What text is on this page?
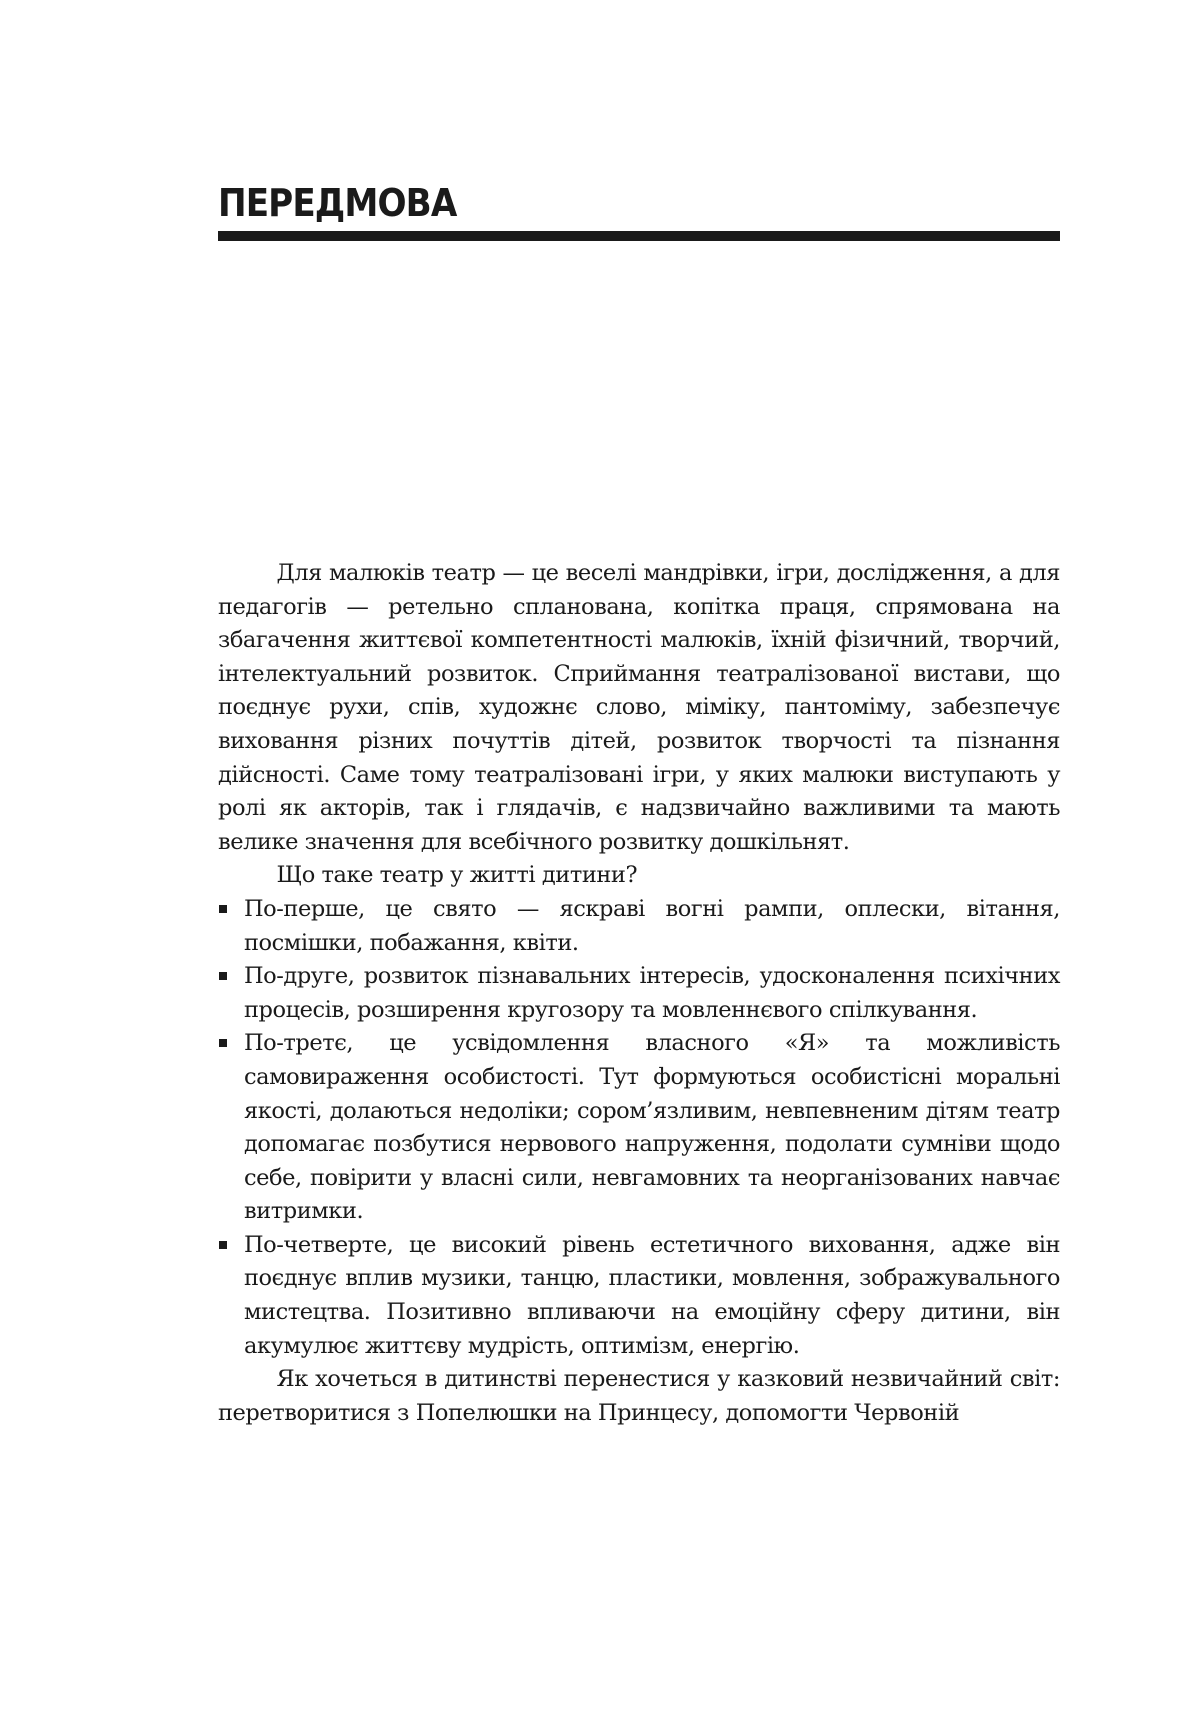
ПЕРЕДМОВА

Для малюків театр — це веселі мандрівки, ігри, дослідження, а для педагогів — ретельно спланована, копітка праця, спрямована на збагачення життєвої компетентності малюків, їхній фізичний, творчий, інтелектуальний розвиток. Сприймання театралізованої вистави, що поєднує рухи, спів, художнє слово, міміку, пантоміму, забезпечує виховання різних почуттів дітей, розвиток творчості та пізнання дійсності. Саме тому театралізовані ігри, у яких малюки виступають у ролі як акторів, так і глядачів, є надзвичайно важливими та мають велике значення для всебічного розвитку дошкільнят.

Що таке театр у житті дитини?

По-перше, це свято — яскраві вогні рампи, оплески, вітання, посмішки, побажання, квіти.
По-друге, розвиток пізнавальних інтересів, удосконалення психічних процесів, розширення кругозору та мовленнєвого спілкування.
По-третє, це усвідомлення власного «Я» та можливість самовираження особистості. Тут формуються особистісні моральні якості, долаються недоліки; сором’язливим, невпевненим дітям театр допомагає позбутися нервового напруження, подолати сумніви щодо себе, повірити у власні сили, невгамовних та неорганізованих навчає витримки.
По-четверте, це високий рівень естетичного виховання, адже він поєднує вплив музики, танцю, пластики, мовлення, зображувального мистецтва. Позитивно впливаючи на емоційну сферу дитини, він акумулює життєву мудрість, оптимізм, енергію.

Як хочеться в дитинстві перенестися у казковий незвичайний світ: перетворитися з Попелюшки на Принцесу, допомогти Червоній
